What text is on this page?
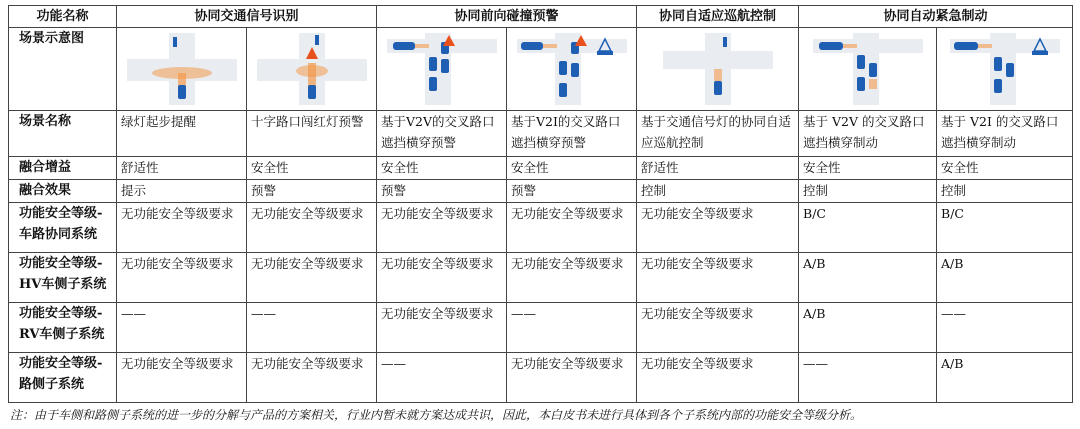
功能名称	协同交通信号识别		协同前向碰撞预警		协同自适应巡航控制	协同自动紧急制动	
场景示意图	

场景名称	绿灯起步提醒	十字路口闯红灯预警	基于V2V的交叉路口遮挡横穿预警	基于V2I的交叉路口遮挡横穿预警	基于交通信号灯的协同自适应巡航控制	基于 V2V 的交叉路口遮挡横穿制动	基于 V2I 的交叉路口遮挡横穿制动
融合增益	舒适性	安全性	安全性	安全性	舒适性	安全性	安全性
融合效果	提示	预警	预警	预警	控制	控制	控制
功能安全等级-车路协同系统	无功能安全等级要求	无功能安全等级要求	无功能安全等级要求	无功能安全等级要求	无功能安全等级要求	B/C	B/C
功能安全等级-HV车侧子系统	无功能安全等级要求	无功能安全等级要求	无功能安全等级要求	无功能安全等级要求	无功能安全等级要求	A/B	A/B
功能安全等级-RV车侧子系统	——	——	无功能安全等级要求	——	无功能安全等级要求	A/B	——
功能安全等级-路侧子系统	无功能安全等级要求	无功能安全等级要求	——	无功能安全等级要求	无功能安全等级要求	——	A/B
注：由于车侧和路侧子系统的进一步的分解与产品的方案相关，行业内暂未就方案达成共识，因此，本白皮书未进行具体到各个子系统内部的功能安全等级分析。
